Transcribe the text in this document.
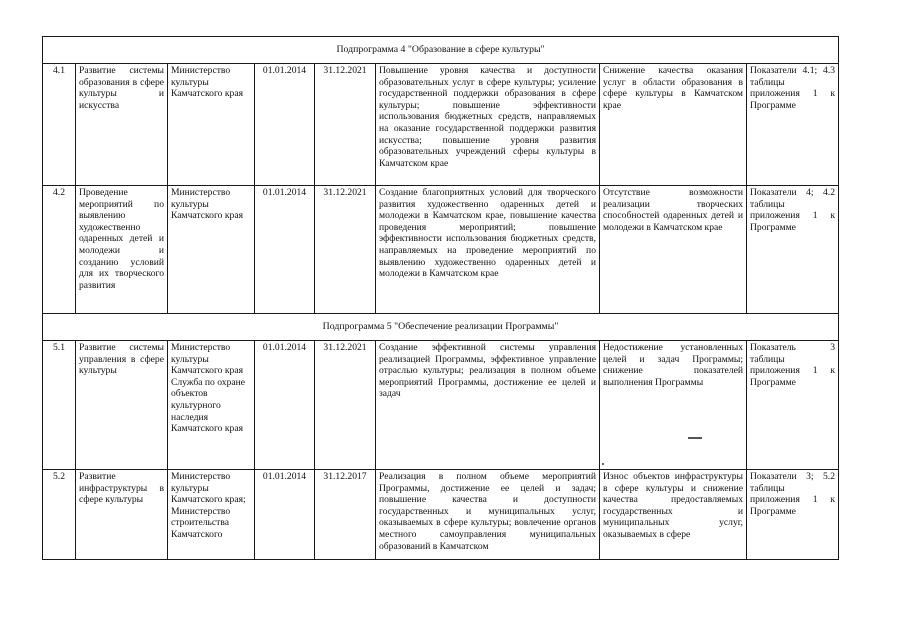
Подпрограмма 4 "Образование в сфере культуры"							

4.1	Развитие системы образования в сфере культуры и искусства	Министерство культуры Камчатского края	01.01.2014	31.12.2021	Повышение уровня качества и доступности образовательных услуг в сфере культуры; усиление государственной поддержки образования в сфере культуры; повышение эффективности использования бюджетных средств, направляемых на оказание государственной поддержки развития искусства; повышение уровня развития образовательных учреждений сферы культуры в Камчатском крае	Снижение качества оказания услуг в области образования в сфере культуры в Камчатском крае	Показатели 4.1; 4.3 таблицы приложения 1 к Программе

4.2	Проведение мероприятий по выявлению художественно одаренных детей и молодежи и созданию условий для их творческого развития	Министерство культуры Камчатского края	01.01.2014	31.12.2021	Создание благоприятных условий для творческого развития художественно одаренных детей и молодежи в Камчатском крае, повышение качества проведения мероприятий; повышение эффективности использования бюджетных средств, направляемых на проведение мероприятий по выявлению художественно одаренных детей и молодежи в Камчатском крае	Отсутствие возможности реализации творческих способностей одаренных детей и молодежи в Камчатском крае	Показатели 4; 4.2 таблицы приложения 1 к Программе

Подпрограмма 5 "Обеспечение реализации Программы"							

5.1	Развитие системы управления в сфере культуры	Министерство культуры Камчатского края
Служба по охране объектов культурного наследия Камчатского края	01.01.2014	31.12.2021	Создание эффективной системы управления реализацией Программы, эффективное управление отраслью культуры; реализация в полном объеме мероприятий Программы, достижение ее целей и задач	Недостижение установленных целей и задач Программы; снижение показателей выполнения Программы	Показатель 3 таблицы приложения 1 к Программе

5.2	Развитие инфраструктуры в сфере культуры	Министерство культуры Камчатского края;
Министерство строительства Камчатского	01.01.2014	31.12.2017	Реализация в полном объеме мероприятий Программы, достижение ее целей и задач; повышение качества и доступности государственных и муниципальных услуг, оказываемых в сфере культуры; вовлечение органов местного самоуправления муниципальных образований в Камчатском	Износ объектов инфраструктуры в сфере культуры и снижение качества предоставляемых государственных и муниципальных услуг, оказываемых в сфере	Показатели 3; 5.2 таблицы приложения 1 к Программе
